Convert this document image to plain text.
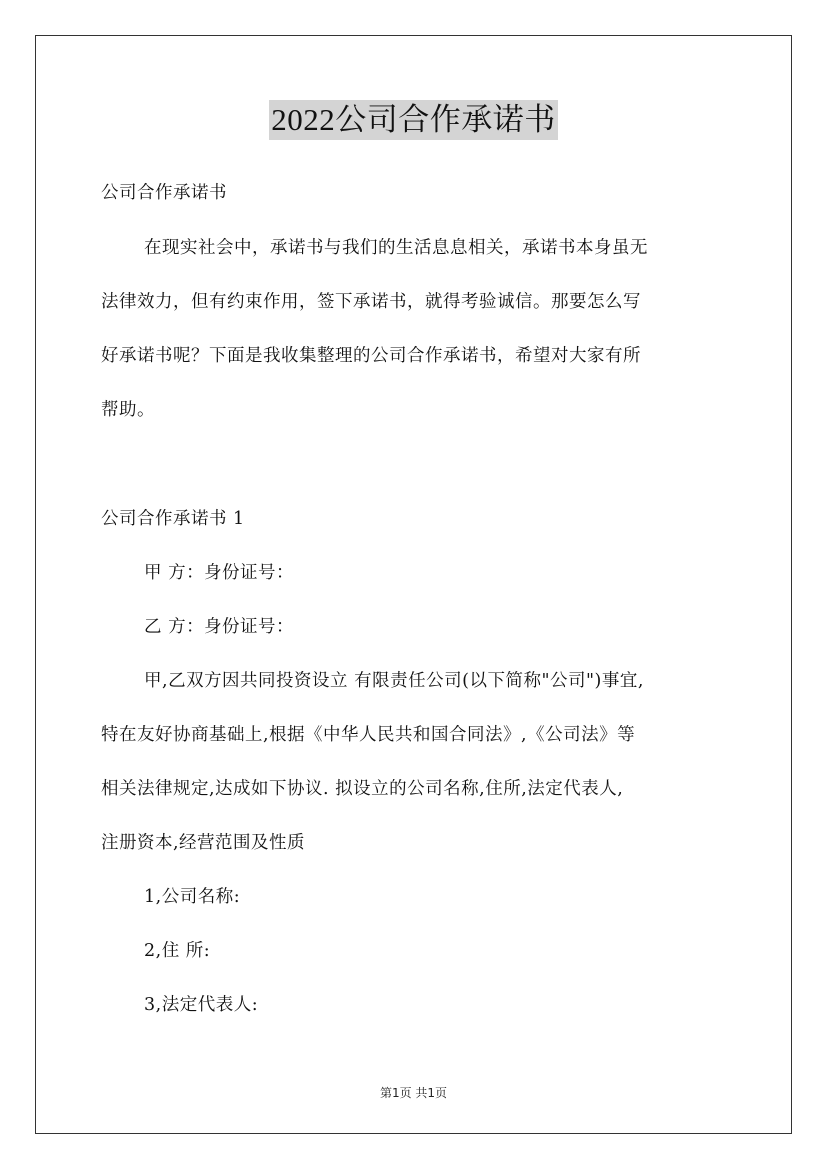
2022公司合作承诺书
公司合作承诺书
在现实社会中，承诺书与我们的生活息息相关，承诺书本身虽无
法律效力，但有约束作用，签下承诺书，就得考验诚信。那要怎么写
好承诺书呢？下面是我收集整理的公司合作承诺书，希望对大家有所
帮助。
公司合作承诺书 1
甲 方：身份证号：
乙 方：身份证号：
甲,乙双方因共同投资设立 有限责任公司(以下简称"公司")事宜,
特在友好协商基础上,根据《中华人民共和国合同法》,《公司法》等
相关法律规定,达成如下协议. 拟设立的公司名称,住所,法定代表人,
注册资本,经营范围及性质
1,公司名称:
2,住 所:
3,法定代表人:
第1页 共1页
